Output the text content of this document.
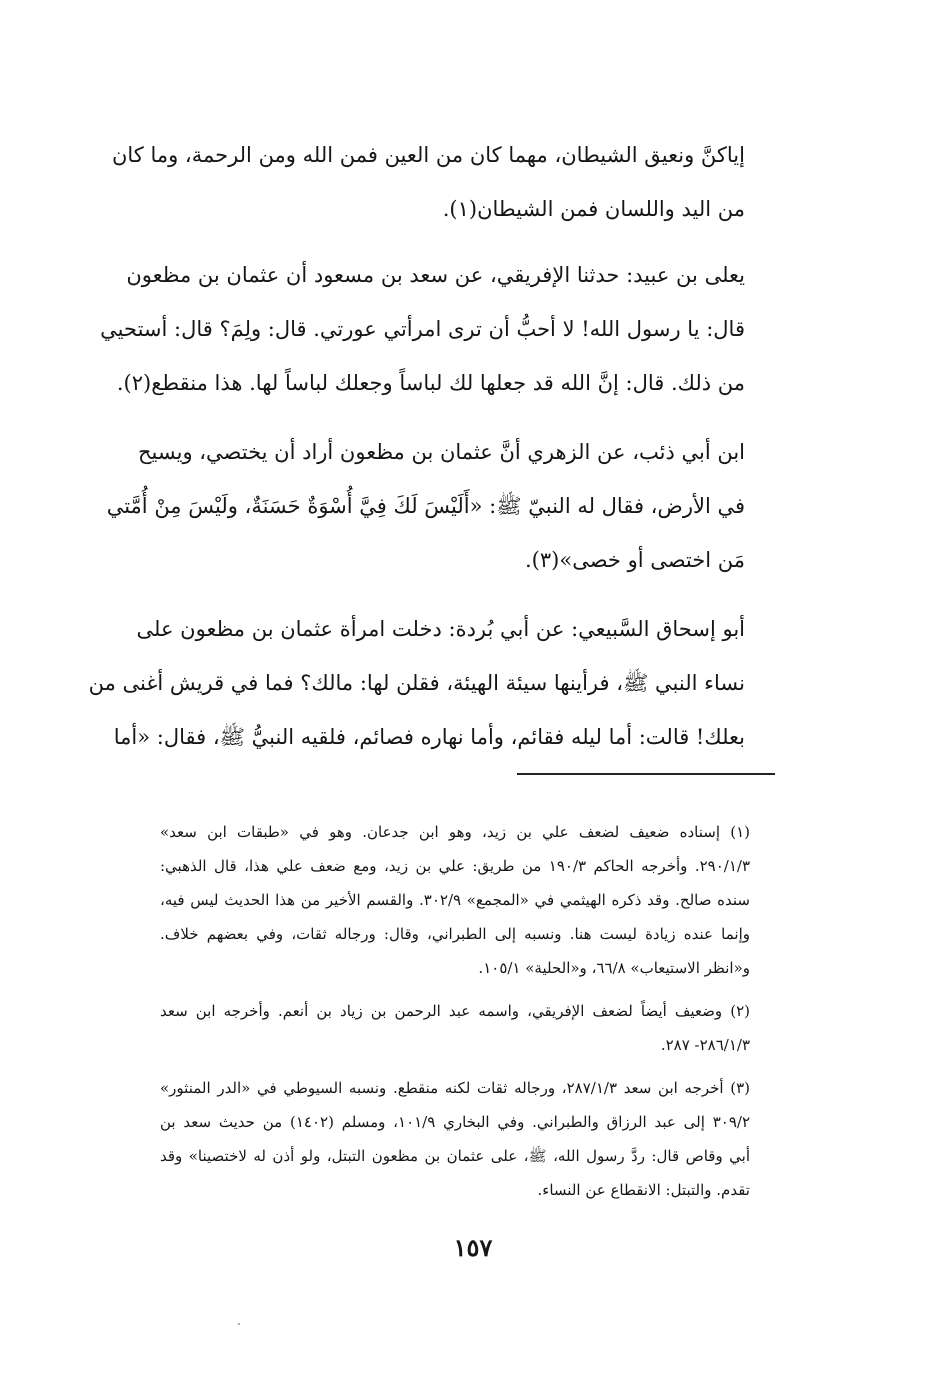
إياكنَّ ونعيق الشيطان، مهما كان من العين فمن الله ومن الرحمة، وما كان
من اليد واللسان فمن الشيطان(١).
يعلى بن عبيد: حدثنا الإفريقي، عن سعد بن مسعود أن عثمان بن مظعون
قال: يا رسول الله! لا أحبُّ أن ترى امرأتي عورتي. قال: ولِمَ؟ قال: أستحيي
من ذلك. قال: إنَّ الله قد جعلها لك لباساً وجعلك لباساً لها. هذا منقطع(٢).
ابن أبي ذئب، عن الزهري أنَّ عثمان بن مظعون أراد أن يختصي، ويسيح
في الأرض، فقال له النبيّ ﷺ: «أَلَيْسَ لَكَ فِيَّ أُسْوَةٌ حَسَنَةٌ، ولَيْسَ مِنْ أُمَّتي
مَن اختصى أو خصى»(٣).
أبو إسحاق السَّبيعي: عن أبي بُردة: دخلت امرأة عثمان بن مظعون على
نساء النبي ﷺ، فرأينها سيئة الهيئة، فقلن لها: مالك؟ فما في قريش أغنى من
بعلك! قالت: أما ليله فقائم، وأما نهاره فصائم، فلقيه النبيُّ ﷺ، فقال: «أما
(١) إسناده ضعيف لضعف علي بن زيد، وهو ابن جدعان. وهو في «طبقات ابن سعد»
٢٩٠/١/٣. وأخرجه الحاكم ١٩٠/٣ من طريق: علي بن زيد، ومع ضعف علي هذا، قال الذهبي:
سنده صالح. وقد ذكره الهيثمي في «المجمع» ٣٠٢/٩. والقسم الأخير من هذا الحديث ليس فيه،
وإنما عنده زيادة ليست هنا. ونسبه إلى الطبراني، وقال: ورجاله ثقات، وفي بعضهم خلاف.
و«انظر الاستيعاب» ٦٦/٨، و«الحلية» ١٠٥/١.
(٢) وضعيف أيضاً لضعف الإفريقي، واسمه عبد الرحمن بن زياد بن أنعم. وأخرجه ابن سعد
٢٨٦/١/٣- ٢٨٧.
(٣) أخرجه ابن سعد ٢٨٧/١/٣، ورجاله ثقات لكنه منقطع. ونسبه السيوطي في «الدر المنثور»
٣٠٩/٢ إلى عبد الرزاق والطبراني. وفي البخاري ١٠١/٩، ومسلم (١٤٠٢) من حديث سعد بن
أبي وقاص قال: ردَّ رسول الله، ﷺ، على عثمان بن مظعون التبتل، ولو أذن له لاختصينا» وقد
تقدم. والتبتل: الانقطاع عن النساء.
١٥٧
